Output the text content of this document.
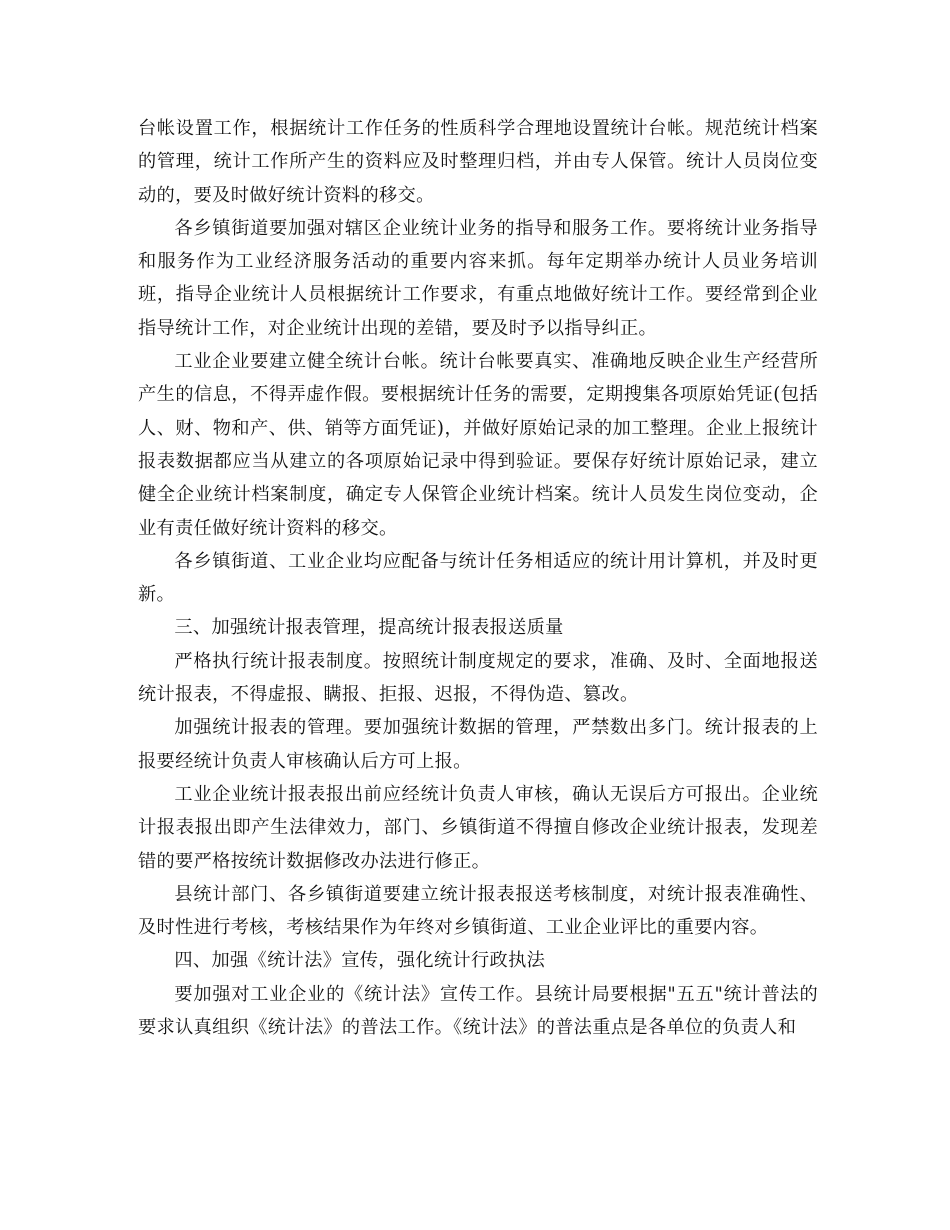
台帐设置工作，根据统计工作任务的性质科学合理地设置统计台帐。规范统计档案的管理，统计工作所产生的资料应及时整理归档，并由专人保管。统计人员岗位变动的，要及时做好统计资料的移交。

各乡镇街道要加强对辖区企业统计业务的指导和服务工作。要将统计业务指导和服务作为工业经济服务活动的重要内容来抓。每年定期举办统计人员业务培训班，指导企业统计人员根据统计工作要求，有重点地做好统计工作。要经常到企业指导统计工作，对企业统计出现的差错，要及时予以指导纠正。

工业企业要建立健全统计台帐。统计台帐要真实、准确地反映企业生产经营所产生的信息，不得弄虚作假。要根据统计任务的需要，定期搜集各项原始凭证(包括人、财、物和产、供、销等方面凭证)，并做好原始记录的加工整理。企业上报统计报表数据都应当从建立的各项原始记录中得到验证。要保存好统计原始记录，建立健全企业统计档案制度，确定专人保管企业统计档案。统计人员发生岗位变动，企业有责任做好统计资料的移交。

各乡镇街道、工业企业均应配备与统计任务相适应的统计用计算机，并及时更新。

三、加强统计报表管理，提高统计报表报送质量

严格执行统计报表制度。按照统计制度规定的要求，准确、及时、全面地报送统计报表，不得虚报、瞒报、拒报、迟报，不得伪造、篡改。

加强统计报表的管理。要加强统计数据的管理，严禁数出多门。统计报表的上报要经统计负责人审核确认后方可上报。

工业企业统计报表报出前应经统计负责人审核，确认无误后方可报出。企业统计报表报出即产生法律效力，部门、乡镇街道不得擅自修改企业统计报表，发现差错的要严格按统计数据修改办法进行修正。

县统计部门、各乡镇街道要建立统计报表报送考核制度，对统计报表准确性、及时性进行考核，考核结果作为年终对乡镇街道、工业企业评比的重要内容。

四、加强《统计法》宣传，强化统计行政执法

要加强对工业企业的《统计法》宣传工作。县统计局要根据"五五"统计普法的要求认真组织《统计法》的普法工作。《统计法》的普法重点是各单位的负责人和
